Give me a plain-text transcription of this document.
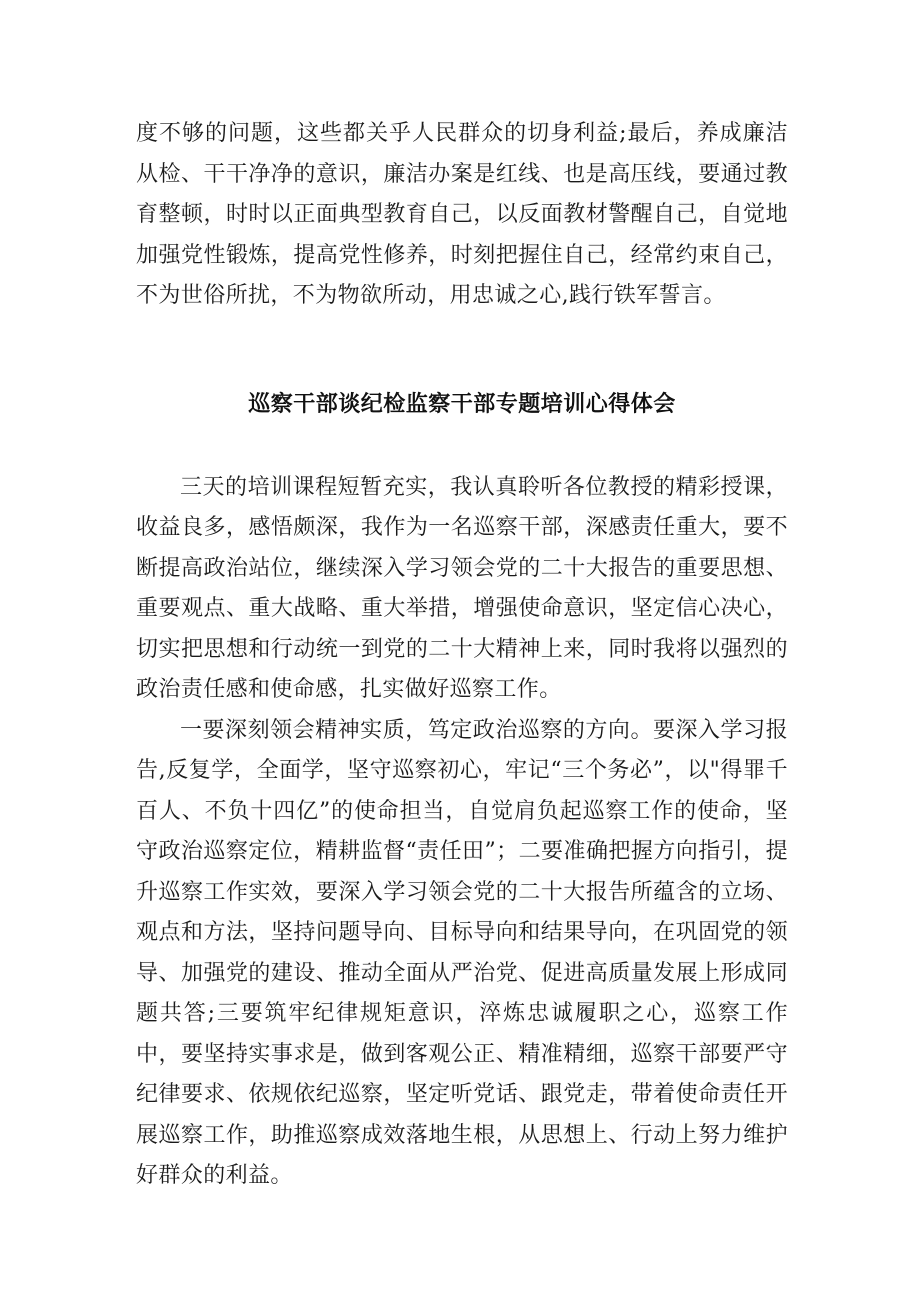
度不够的问题，这些都关乎人民群众的切身利益;最后，养成廉洁从检、干干净净的意识，廉洁办案是红线、也是高压线，要通过教育整顿，时时以正面典型教育自己，以反面教材警醒自己，自觉地加强党性锻炼，提高党性修养，时刻把握住自己，经常约束自己，不为世俗所扰，不为物欲所动，用忠诚之心,践行铁军誓言。

巡察干部谈纪检监察干部专题培训心得体会

三天的培训课程短暂充实，我认真聆听各位教授的精彩授课，收益良多，感悟颇深，我作为一名巡察干部，深感责任重大，要不断提高政治站位，继续深入学习领会党的二十大报告的重要思想、重要观点、重大战略、重大举措，增强使命意识，坚定信心决心，切实把思想和行动统一到党的二十大精神上来，同时我将以强烈的政治责任感和使命感，扎实做好巡察工作。

一要深刻领会精神实质，笃定政治巡察的方向。要深入学习报告,反复学，全面学，坚守巡察初心，牢记“三个务必”，以"得罪千百人、不负十四亿”的使命担当，自觉肩负起巡察工作的使命，坚守政治巡察定位，精耕监督“责任田”；二要准确把握方向指引，提升巡察工作实效，要深入学习领会党的二十大报告所蕴含的立场、观点和方法，坚持问题导向、目标导向和结果导向，在巩固党的领导、加强党的建设、推动全面从严治党、促进高质量发展上形成同题共答;三要筑牢纪律规矩意识，淬炼忠诚履职之心，巡察工作中，要坚持实事求是，做到客观公正、精准精细，巡察干部要严守纪律要求、依规依纪巡察，坚定听党话、跟党走，带着使命责任开展巡察工作，助推巡察成效落地生根，从思想上、行动上努力维护好群众的利益。
